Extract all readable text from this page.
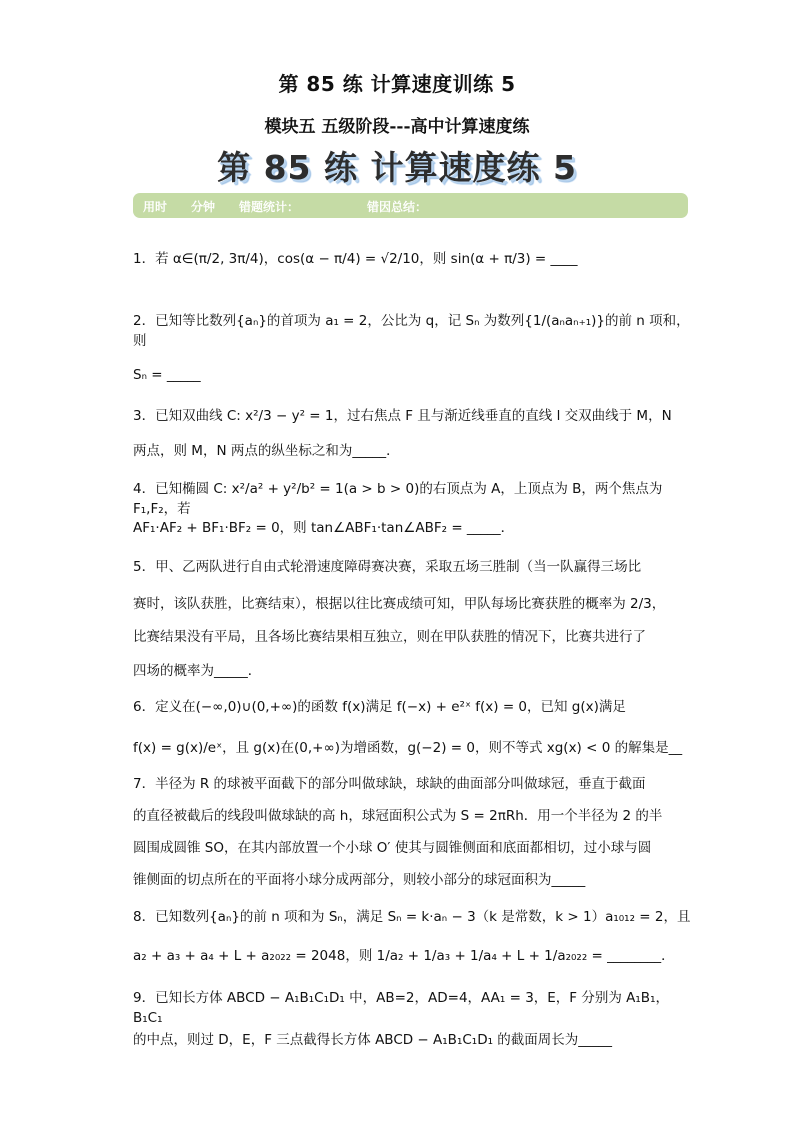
第 85 练 计算速度训练 5
模块五 五级阶段---高中计算速度练
第 85 练 计算速度练 5
用时 分钟 错题统计：	错因总结：
1．若 α∈(π/2, 3π/4)，cos(α − π/4) = √2/10，则 sin(α + π/3) = ____
2．已知等比数列{aₙ}的首项为 a₁ = 2，公比为 q，记 Sₙ 为数列{1/(aₙaₙ₊₁)}的前 n 项和，则
Sₙ = _____
3．已知双曲线 C: x²/3 − y² = 1，过右焦点 F 且与渐近线垂直的直线 l 交双曲线于 M，N
两点，则 M，N 两点的纵坐标之和为_____．
4．已知椭圆 C: x²/a² + y²/b² = 1(a > b > 0)的右顶点为 A，上顶点为 B，两个焦点为 F₁,F₂，若
AF₁·AF₂ + BF₁·BF₂ = 0，则 tan∠ABF₁·tan∠ABF₂ = _____．
5．甲、乙两队进行自由式轮滑速度障碍赛决赛，采取五场三胜制（当一队赢得三场比
赛时，该队获胜，比赛结束），根据以往比赛成绩可知，甲队每场比赛获胜的概率为 2/3，
比赛结果没有平局，且各场比赛结果相互独立，则在甲队获胜的情况下，比赛共进行了
四场的概率为_____．
6．定义在(−∞,0)∪(0,+∞)的函数 f(x)满足 f(−x) + e²ˣ f(x) = 0，已知 g(x)满足
f(x) = g(x)/eˣ，且 g(x)在(0,+∞)为增函数，g(−2) = 0，则不等式 xg(x) < 0 的解集是__
7．半径为 R 的球被平面截下的部分叫做球缺，球缺的曲面部分叫做球冠，垂直于截面
的直径被截后的线段叫做球缺的高 h，球冠面积公式为 S = 2πRh．用一个半径为 2 的半
圆围成圆锥 SO，在其内部放置一个小球 O′ 使其与圆锥侧面和底面都相切，过小球与圆
锥侧面的切点所在的平面将小球分成两部分，则较小部分的球冠面积为_____
8．已知数列{aₙ}的前 n 项和为 Sₙ，满足 Sₙ = k·aₙ − 3（k 是常数，k > 1）a₁₀₁₂ = 2，且
a₂ + a₃ + a₄ + L + a₂₀₂₂ = 2048，则 1/a₂ + 1/a₃ + 1/a₄ + L + 1/a₂₀₂₂ = ________．
9．已知长方体 ABCD − A₁B₁C₁D₁ 中，AB=2，AD=4，AA₁ = 3，E，F 分别为 A₁B₁，B₁C₁
的中点，则过 D，E，F 三点截得长方体 ABCD − A₁B₁C₁D₁ 的截面周长为_____
